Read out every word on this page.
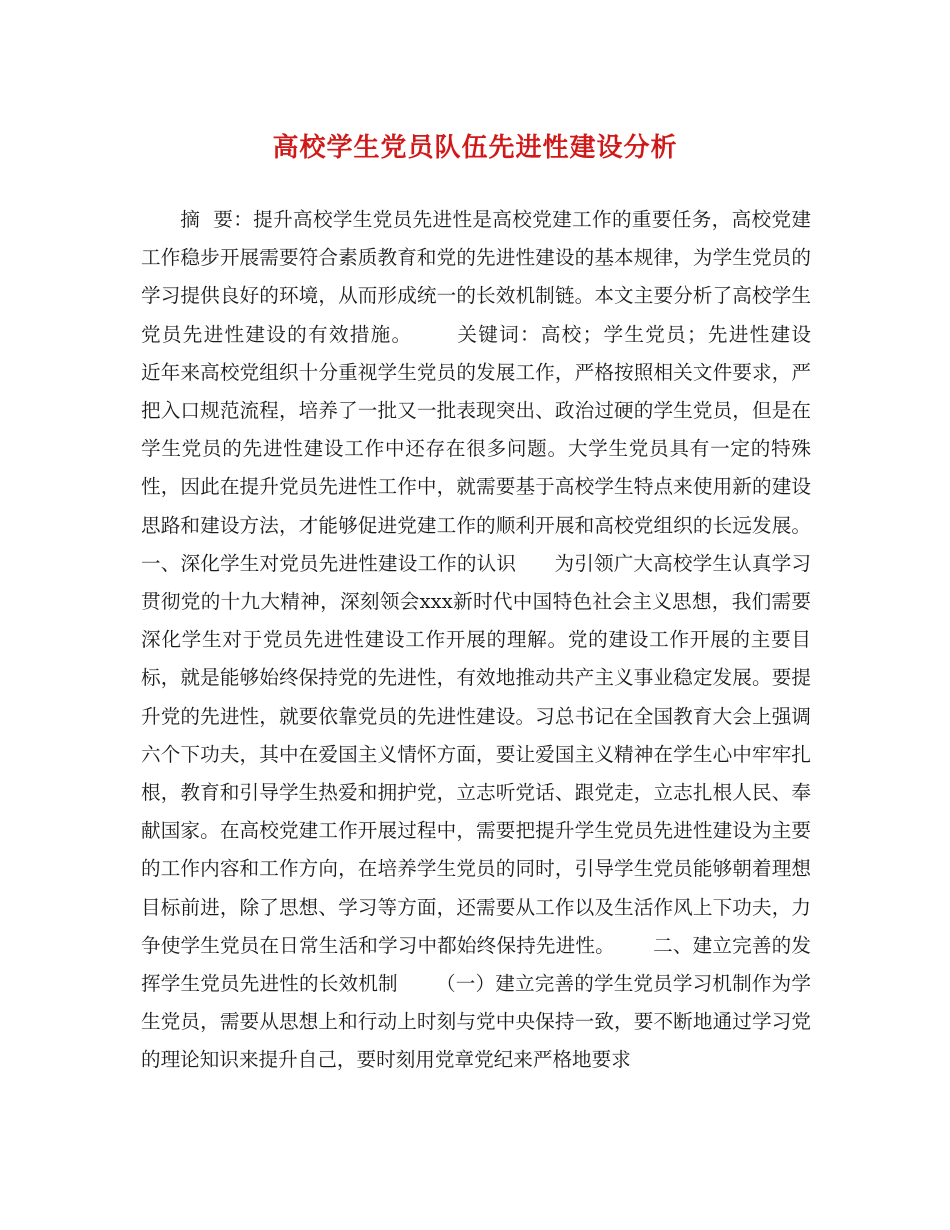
高校学生党员队伍先进性建设分析

摘  要：提升高校学生党员先进性是高校党建工作的重要任务，高校党建工作稳步开展需要符合素质教育和党的先进性建设的基本规律，为学生党员的学习提供良好的环境，从而形成统一的长效机制链。本文主要分析了高校学生党员先进性建设的有效措施。      关键词：高校；学生党员；先进性建设      近年来高校党组织十分重视学生党员的发展工作，严格按照相关文件要求，严把入口规范流程，培养了一批又一批表现突出、政治过硬的学生党员，但是在学生党员的先进性建设工作中还存在很多问题。大学生党员具有一定的特殊性，因此在提升党员先进性工作中，就需要基于高校学生特点来使用新的建设思路和建设方法，才能够促进党建工作的顺利开展和高校党组织的长远发展。      一、深化学生对党员先进性建设工作的认识      为引领广大高校学生认真学习贯彻党的十九大精神，深刻领会xxx新时代中国特色社会主义思想，我们需要深化学生对于党员先进性建设工作开展的理解。党的建设工作开展的主要目标，就是能够始终保持党的先进性，有效地推动共产主义事业稳定发展。要提升党的先进性，就要依靠党员的先进性建设。习总书记在全国教育大会上强调六个下功夫，其中在爱国主义情怀方面，要让爱国主义精神在学生心中牢牢扎根，教育和引导学生热爱和拥护党，立志听党话、跟党走，立志扎根人民、奉献国家。在高校党建工作开展过程中，需要把提升学生党员先进性建设为主要的工作内容和工作方向，在培养学生党员的同时，引导学生党员能够朝着理想目标前进，除了思想、学习等方面，还需要从工作以及生活作风上下功夫，力争使学生党员在日常生活和学习中都始终保持先进性。      二、建立完善的发挥学生党员先进性的长效机制      （一）建立完善的学生党员学习机制作为学生党员，需要从思想上和行动上时刻与党中央保持一致，要不断地通过学习党的理论知识来提升自己，要时刻用党章党纪来严格地要求
